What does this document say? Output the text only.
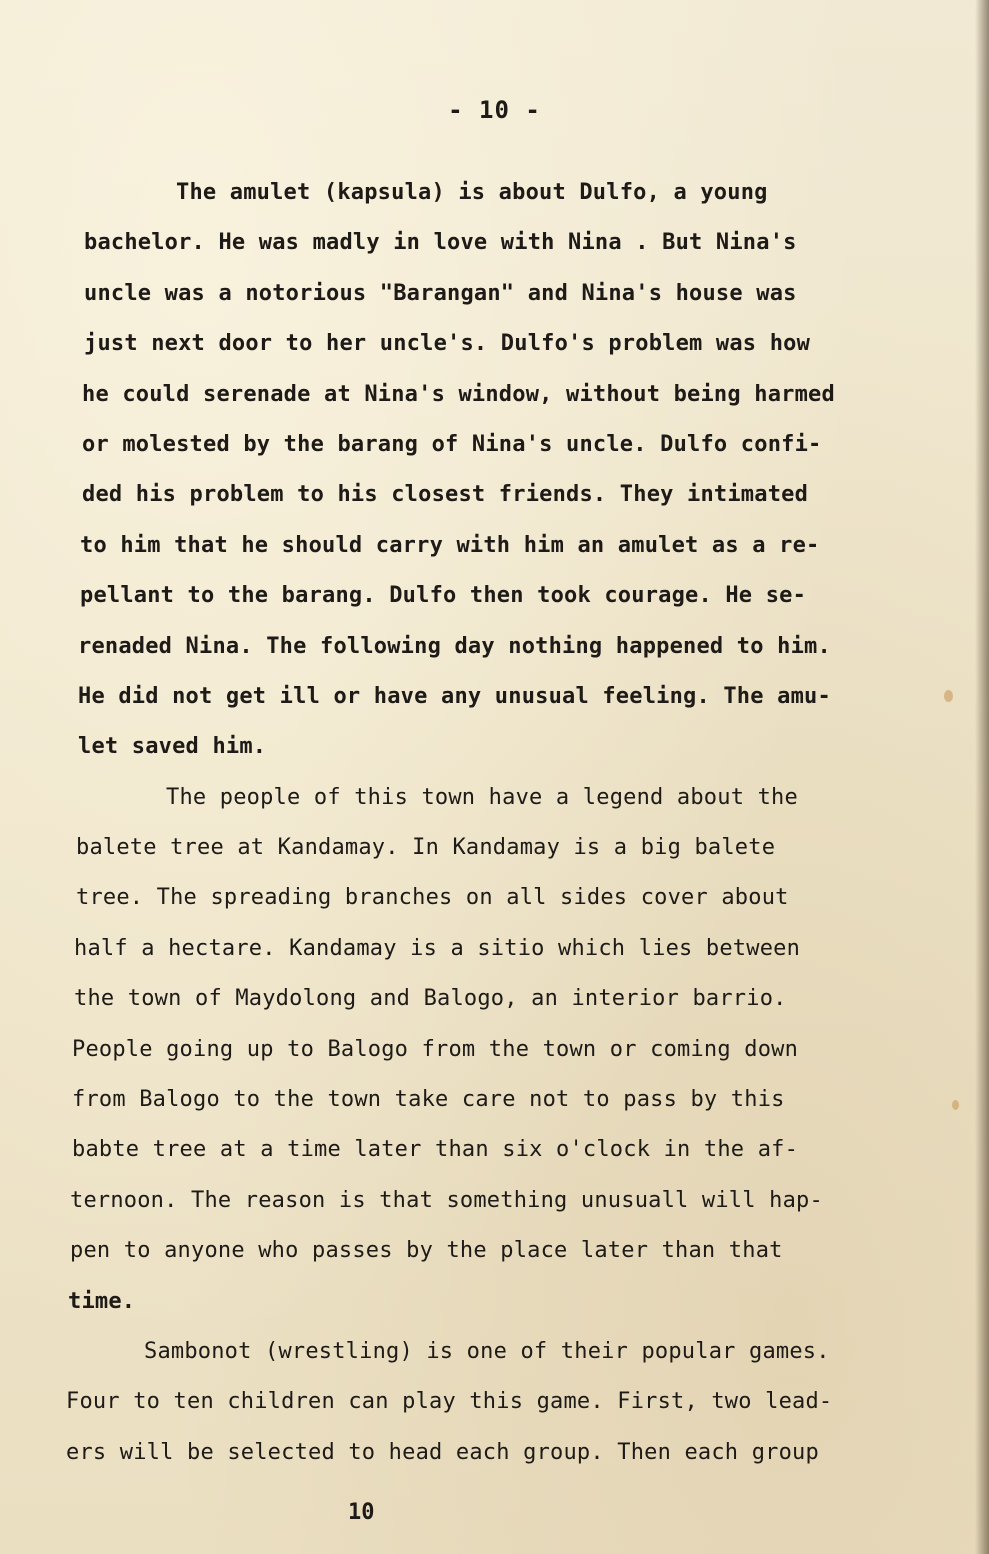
- 10 -
The amulet (kapsula) is about Dulfo, a young
bachelor. He was madly in love with Nina . But Nina's
uncle was a notorious "Barangan" and Nina's house was
just next door to her uncle's. Dulfo's problem was how
he could serenade at Nina's window, without being harmed
or molested by the barang of Nina's uncle. Dulfo confi-
ded his problem to his closest friends. They intimated
to him that he should carry with him an amulet as a re-
pellant to the barang. Dulfo then took courage. He se-
renaded Nina. The following day nothing happened to him.
He did not get ill or have any unusual feeling. The amu-
let saved him.
The people of this town have a legend about the
balete tree at Kandamay. In Kandamay is a big balete
tree. The spreading branches on all sides cover about
half a hectare. Kandamay is a sitio which lies between
the town of Maydolong and Balogo, an interior barrio.
People going up to Balogo from the town or coming down
from Balogo to the town take care not to pass by this
babte tree at a time later than six o'clock in the af-
ternoon. The reason is that something unusuall will hap-
pen to anyone who passes by the place later than that
time.
Sambonot (wrestling) is one of their popular games.
Four to ten children can play this game. First, two lead-
ers will be selected to head each group. Then each group
10
